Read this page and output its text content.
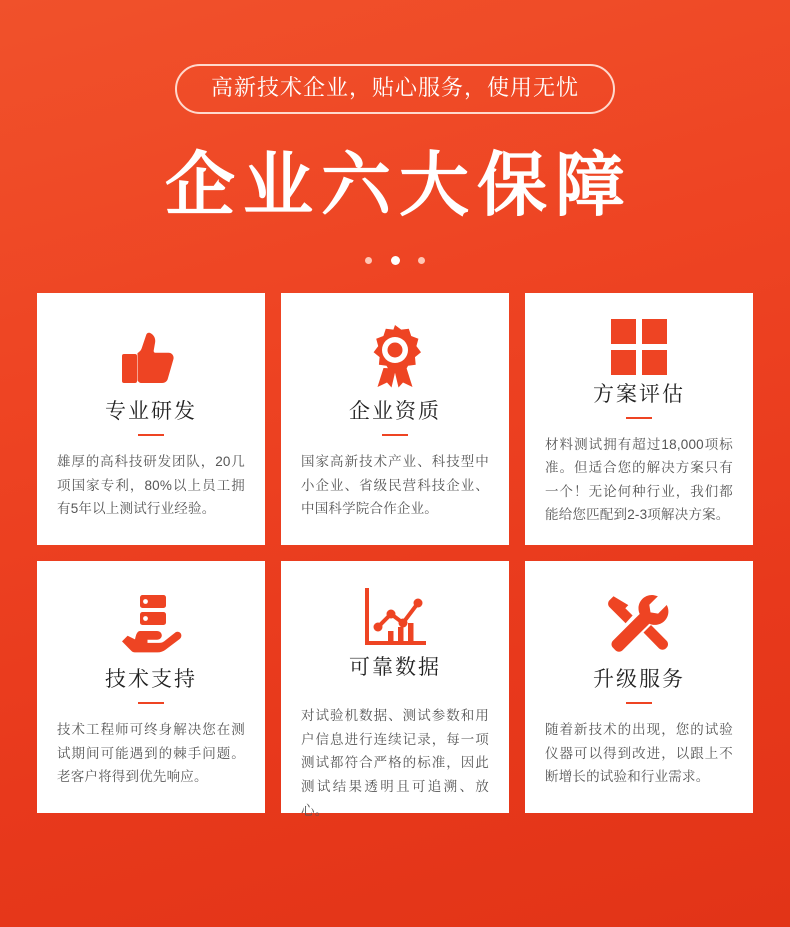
高新技术企业，贴心服务，使用无忧
企业六大保障

专业研发
雄厚的高科技研发团队，20几项国家专利，80%以上员工拥有5年以上测试行业经验。
企业资质
国家高新技术产业、科技型中小企业、省级民营科技企业、中国科学院合作企业。
方案评估
材料测试拥有超过18,000项标准。但适合您的解决方案只有一个！无论何种行业，我们都能给您匹配到2-3项解决方案。
技术支持
技术工程师可终身解决您在测试期间可能遇到的棘手问题。老客户将得到优先响应。
可靠数据
对试验机数据、测试参数和用户信息进行连续记录，每一项测试都符合严格的标准，因此测试结果透明且可追溯、放心。
升级服务
随着新技术的出现，您的试验仪器可以得到改进，以跟上不断增长的试验和行业需求。
